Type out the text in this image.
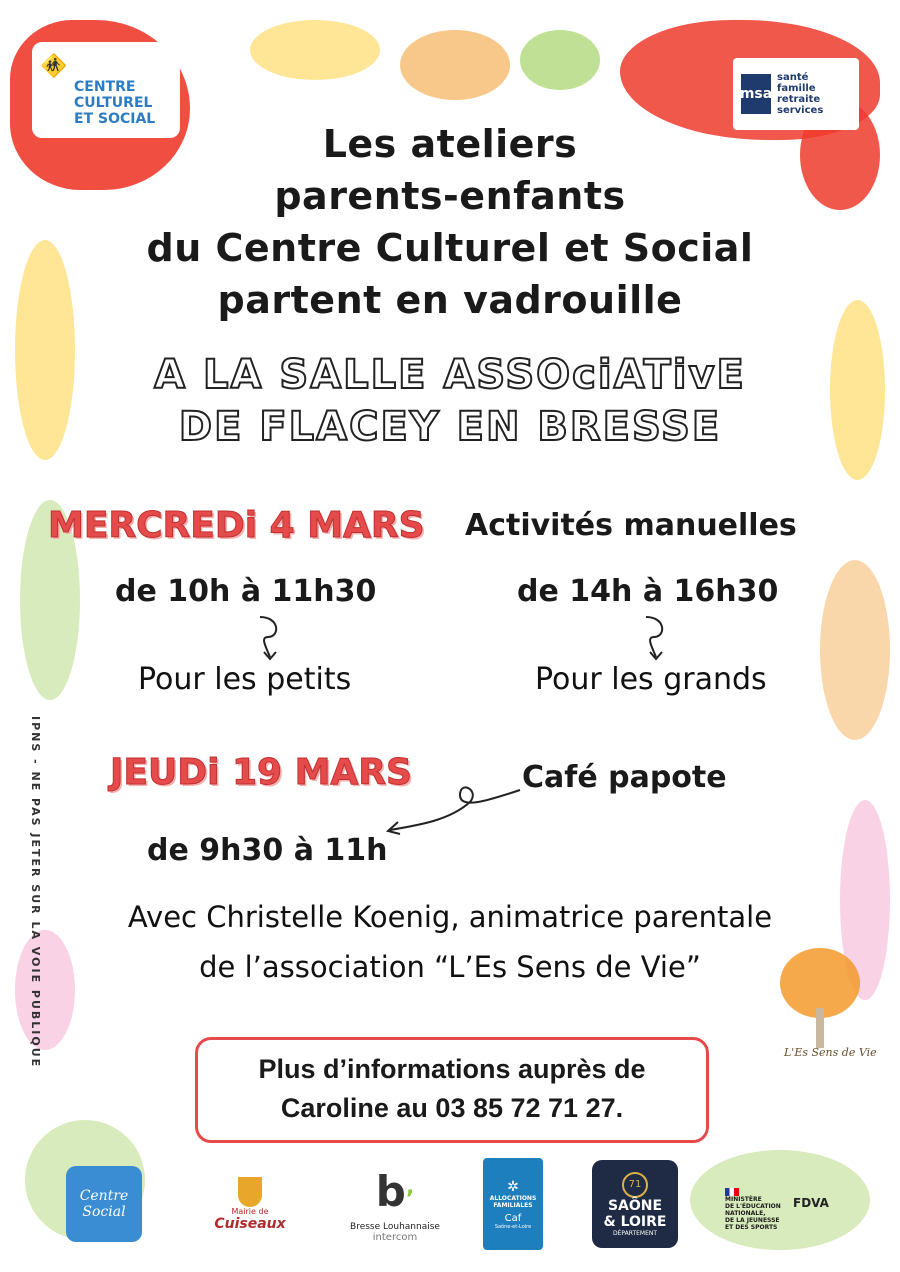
🚸
CENTRE
CULTUREL
ET SOCIAL
msa
santé
famille
retraite
services
Les ateliers
parents-enfants
du Centre Culturel et Social
partent en vadrouille
A LA SALLE ASSOciATivE
DE FLACEY EN BRESSE
MERCREDi 4 MARS Activités manuelles
de 10h à 11h30	de 14h à 16h30
Pour les petits	Pour les grands
JEUDi 19 MARS	Café papote
de 9h30 à 11h
Avec Christelle Koenig, animatrice parentale
de l’association “L’Es Sens de Vie”
L'Es Sens de Vie
Plus d’informations auprès de
Caroline au 03 85 72 71 27.
IPNS - NE PAS JETER SUR LA VOIE PUBLIQUE
Centre Social	Mairie de
Cuiseaux
b’
Bresse Louhannaise
intercom
✲
ALLOCATIONS
FAMILIALES
Caf
Saône-et-Loire
71
SAÔNE
& LOIRE
DÉPARTEMENT
MINISTÈRE
DE L'ÉDUCATION
NATIONALE,
DE LA JEUNESSE
ET DES SPORTS
FDVA
